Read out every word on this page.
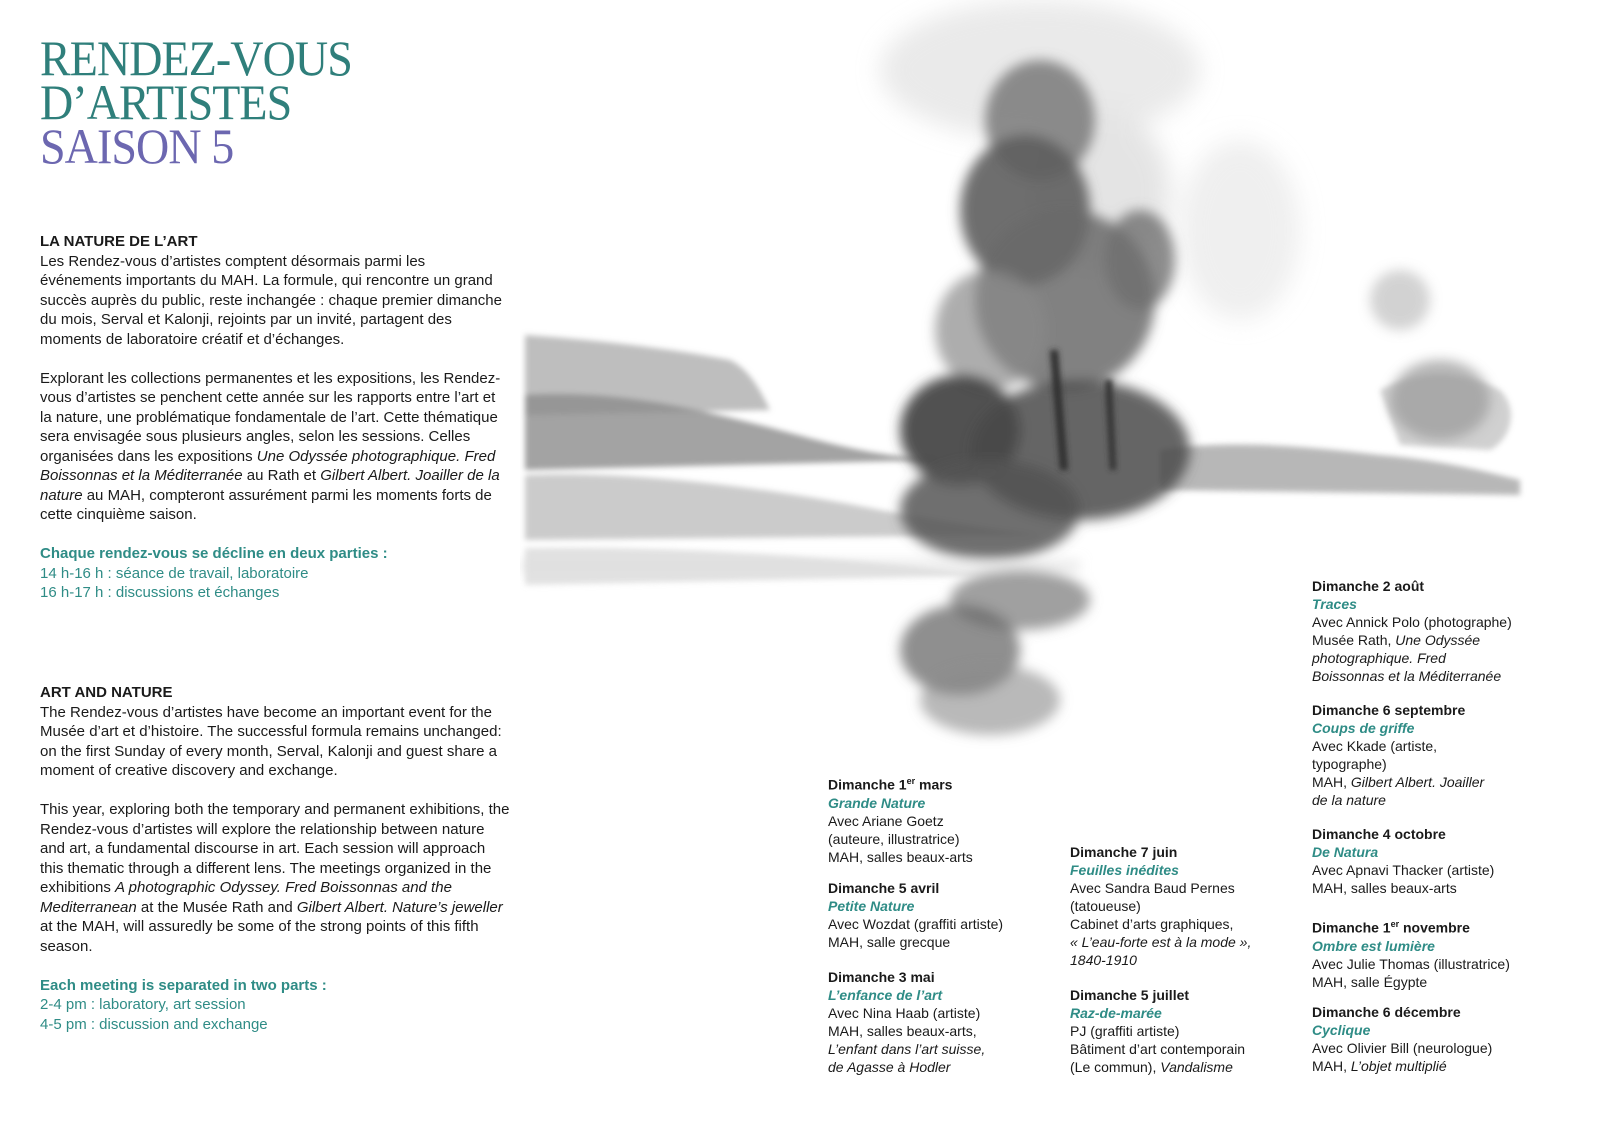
RENDEZ-VOUS
D’ARTISTES
SAISON 5
LA NATURE DE L’ART

Les Rendez-vous d’artistes comptent désormais parmi les événements importants du MAH. La formule, qui rencontre un grand succès auprès du public, reste inchangée : chaque premier dimanche du mois, Serval et Kalonji, rejoints par un invité, partagent des moments de laboratoire créatif et d’échanges.

Explorant les collections permanentes et les expositions, les Rendez-vous d’artistes se penchent cette année sur les rapports entre l’art et la nature, une problématique fondamentale de l’art. Cette thématique sera envisagée sous plusieurs angles, selon les sessions. Celles organisées dans les expositions Une Odyssée photographique. Fred Boissonnas et la Méditerranée au Rath et Gilbert Albert. Joailler de la nature au MAH, compteront assurément parmi les moments forts de cette cinquième saison.

Chaque rendez-vous se décline en deux parties :
14 h-16 h : séance de travail, laboratoire
16 h-17 h : discussions et échanges

ART AND NATURE

The Rendez-vous d’artistes have become an important event for the Musée d’art et d’histoire. The successful formula remains unchanged: on the first Sunday of every month, Serval, Kalonji and guest share a moment of creative discovery and exchange.

This year, exploring both the temporary and permanent exhibitions, the Rendez-vous d’artistes will explore the relationship between nature and art, a fundamental discourse in art. Each session will approach this thematic through a different lens. The meetings organized in the exhibitions A photographic Odyssey. Fred Boissonnas and the Mediterranean at the Musée Rath and Gilbert Albert. Nature’s jeweller at the MAH, will assuredly be some of the strong points of this fifth season.

Each meeting is separated in two parts :
2-4 pm : laboratory, art session
4-5 pm : discussion and exchange

Dimanche 1er mars
Grande Nature
Avec Ariane Goetz
(auteure, illustratrice)
MAH, salles beaux-arts
Dimanche 5 avril
Petite Nature
Avec Wozdat (graffiti artiste)
MAH, salle grecque
Dimanche 3 mai
L’enfance de l’art
Avec Nina Haab (artiste)
MAH, salles beaux-arts,
L’enfant dans l’art suisse,
de Agasse à Hodler
Dimanche 7 juin
Feuilles inédites
Avec Sandra Baud Pernes
(tatoueuse)
Cabinet d’arts graphiques,
« L’eau-forte est à la mode »,
1840-1910
Dimanche 5 juillet
Raz-de-marée
PJ (graffiti artiste)
Bâtiment d’art contemporain
(Le commun), Vandalisme
Dimanche 2 août
Traces
Avec Annick Polo (photographe)
Musée Rath, Une Odyssée
photographique. Fred
Boissonnas et la Méditerranée
Dimanche 6 septembre
Coups de griffe
Avec Kkade (artiste,
typographe)
MAH, Gilbert Albert. Joailler
de la nature
Dimanche 4 octobre
De Natura
Avec Apnavi Thacker (artiste)
MAH, salles beaux-arts
Dimanche 1er novembre
Ombre est lumière
Avec Julie Thomas (illustratrice)
MAH, salle Égypte
Dimanche 6 décembre
Cyclique
Avec Olivier Bill (neurologue)
MAH, L’objet multiplié
